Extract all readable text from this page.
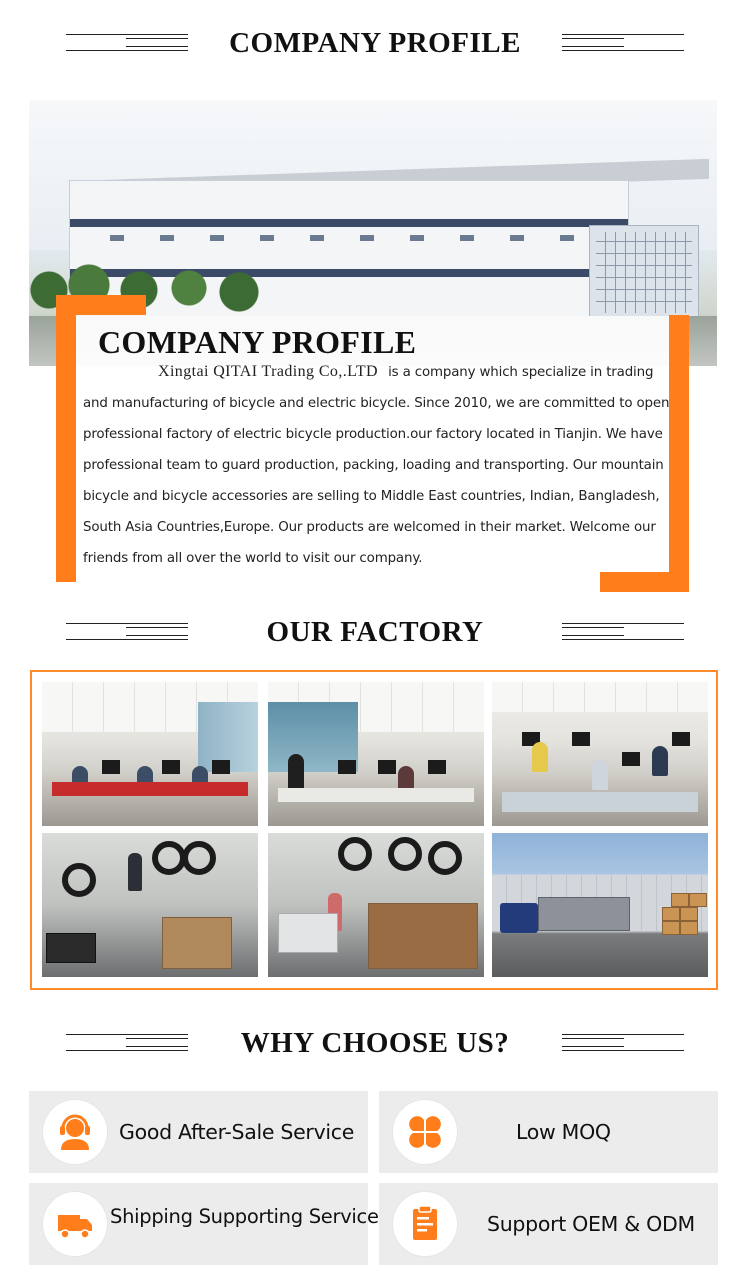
COMPANY PROFILE
COMPANY PROFILE
Xingtai QITAI Trading Co,.LTD is a company which specialize in trading and manufacturing of bicycle and electric bicycle. Since 2010, we are committed to open professional factory of electric bicycle production.our factory located in Tianjin. We have professional team to guard production, packing, loading and transporting. Our mountain bicycle and bicycle accessories are selling to Middle East countries, Indian, Bangladesh, South Asia Countries,Europe. Our products are welcomed in their market. Welcome our friends from all over the world to visit our company.
OUR FACTORY
WHY CHOOSE US?
Good After-Sale Service	Low MOQ
Shipping Supporting Service	Support OEM & ODM
